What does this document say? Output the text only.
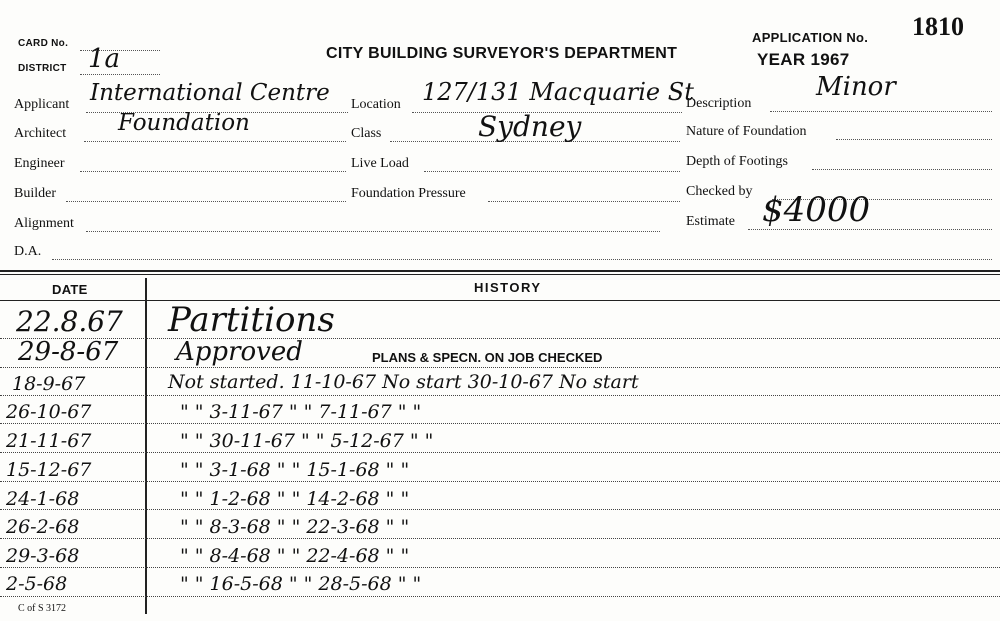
CARD No.
DISTRICT 1a	CITY BUILDING SURVEYOR'S DEPARTMENT
APPLICATION No. 1810
YEAR 1967
Applicant International Centre
Architect Foundation
Engineer
Builder
Alignment
D.A.
Location 127/131 Macquarie St
Class	Sydney
Live Load
Foundation Pressure
Description
Minor
Nature of Foundation
Depth of Footings
Checked by
Estimate $4000
DATE	HISTORY
22.8.67 Partitions
29-8-67 Approved	PLANS & SPECN. ON JOB CHECKED
18-9-67	Not started. 11-10-67 No start 30-10-67 No start
26-10-67	" " 3-11-67 " " 7-11-67 " "
21-11-67	" " 30-11-67 " " 5-12-67 " "
15-12-67	" " 3-1-68 " " 15-1-68 " "
24-1-68	" " 1-2-68 " " 14-2-68 " "
26-2-68	" " 8-3-68 " " 22-3-68 " "
29-3-68	" " 8-4-68 " " 22-4-68 " "
2-5-68	" " 16-5-68 " " 28-5-68 " "
C of S 3172
